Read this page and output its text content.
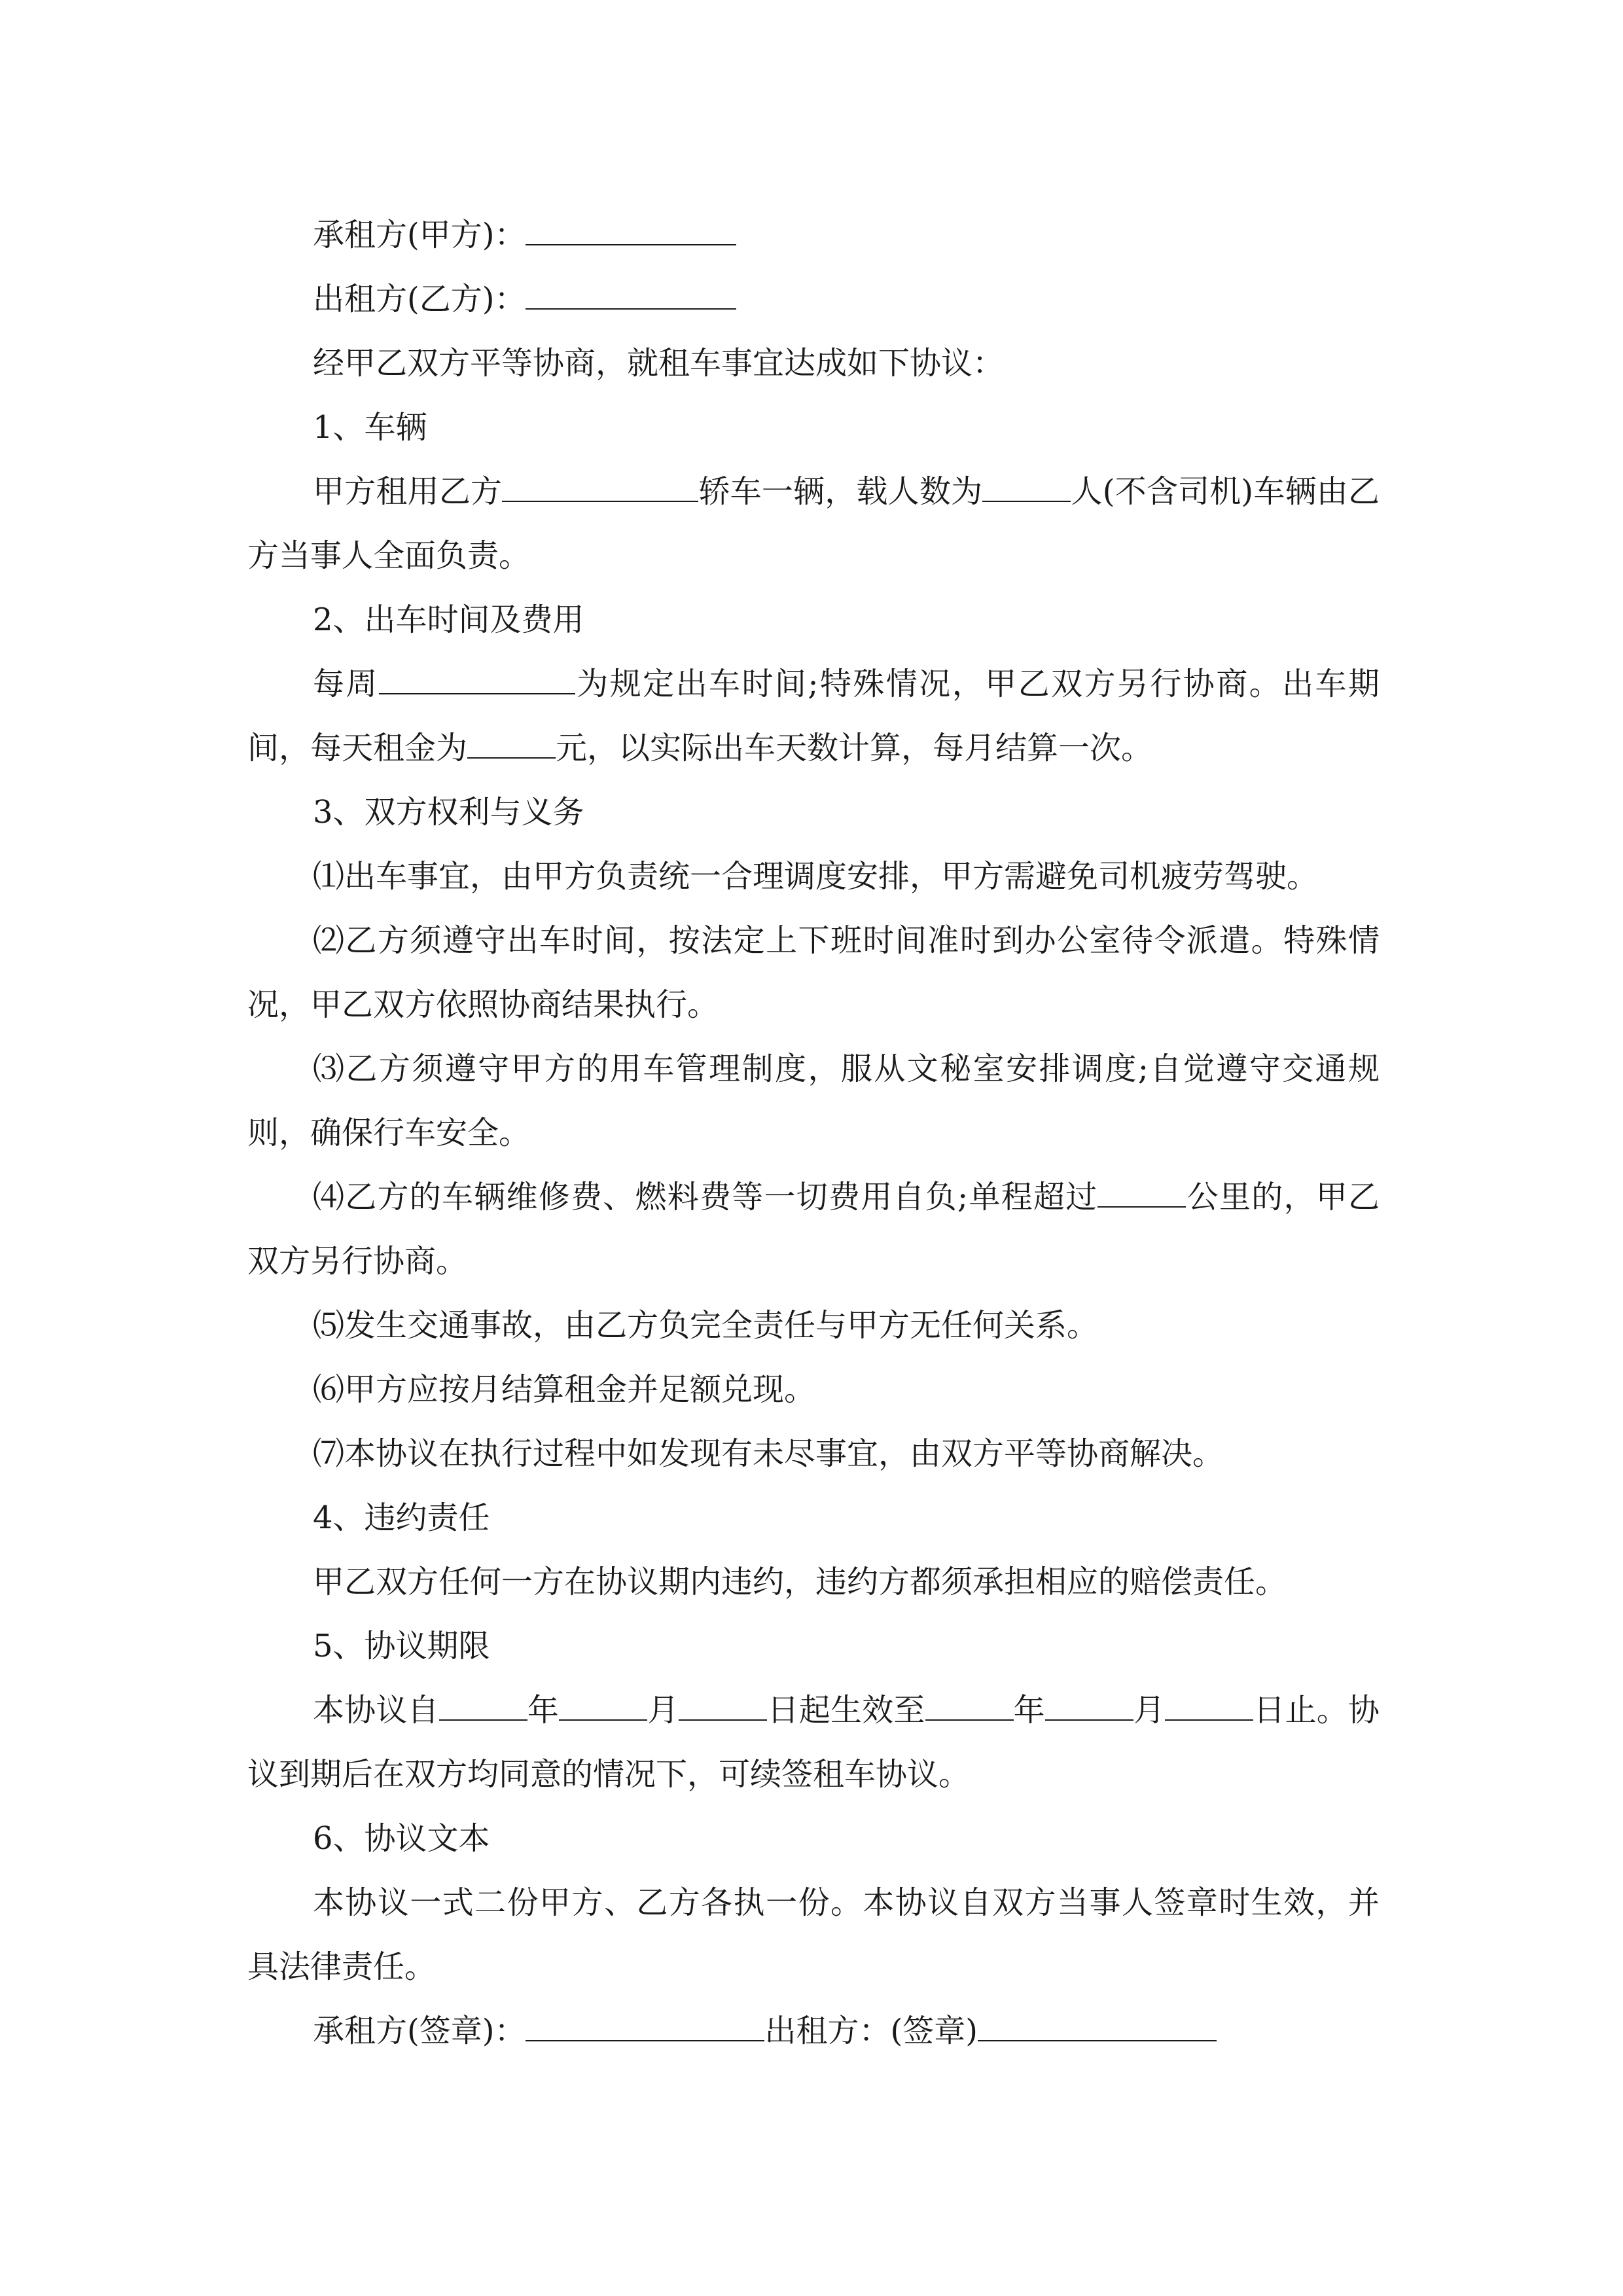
承租方(甲方)：

出租方(乙方)：

经甲乙双方平等协商，就租车事宜达成如下协议：

1、车辆

甲方租用乙方	轿车一辆，载人数为	人(不含司机)车辆由乙方当事人全面负责。

2、出车时间及费用

每周	为规定出车时间;特殊情况，甲乙双方另行协商。出车期间，每天租金为	元，以实际出车天数计算，每月结算一次。

3、双方权利与义务

⑴出车事宜，由甲方负责统一合理调度安排，甲方需避免司机疲劳驾驶。

⑵乙方须遵守出车时间，按法定上下班时间准时到办公室待令派遣。特殊情况，甲乙双方依照协商结果执行。

⑶乙方须遵守甲方的用车管理制度，服从文秘室安排调度;自觉遵守交通规则，确保行车安全。

⑷乙方的车辆维修费、燃料费等一切费用自负;单程超过	公里的，甲乙双方另行协商。

⑸发生交通事故，由乙方负完全责任与甲方无任何关系。

⑹甲方应按月结算租金并足额兑现。

⑺本协议在执行过程中如发现有未尽事宜，由双方平等协商解决。

4、违约责任

甲乙双方任何一方在协议期内违约，违约方都须承担相应的赔偿责任。

5、协议期限

本协议自	年	月	日起生效至	年	月	日止。协议到期后在双方均同意的情况下，可续签租车协议。

6、协议文本

本协议一式二份甲方、乙方各执一份。本协议自双方当事人签章时生效，并具法律责任。

承租方(签章)：	出租方：(签章)
